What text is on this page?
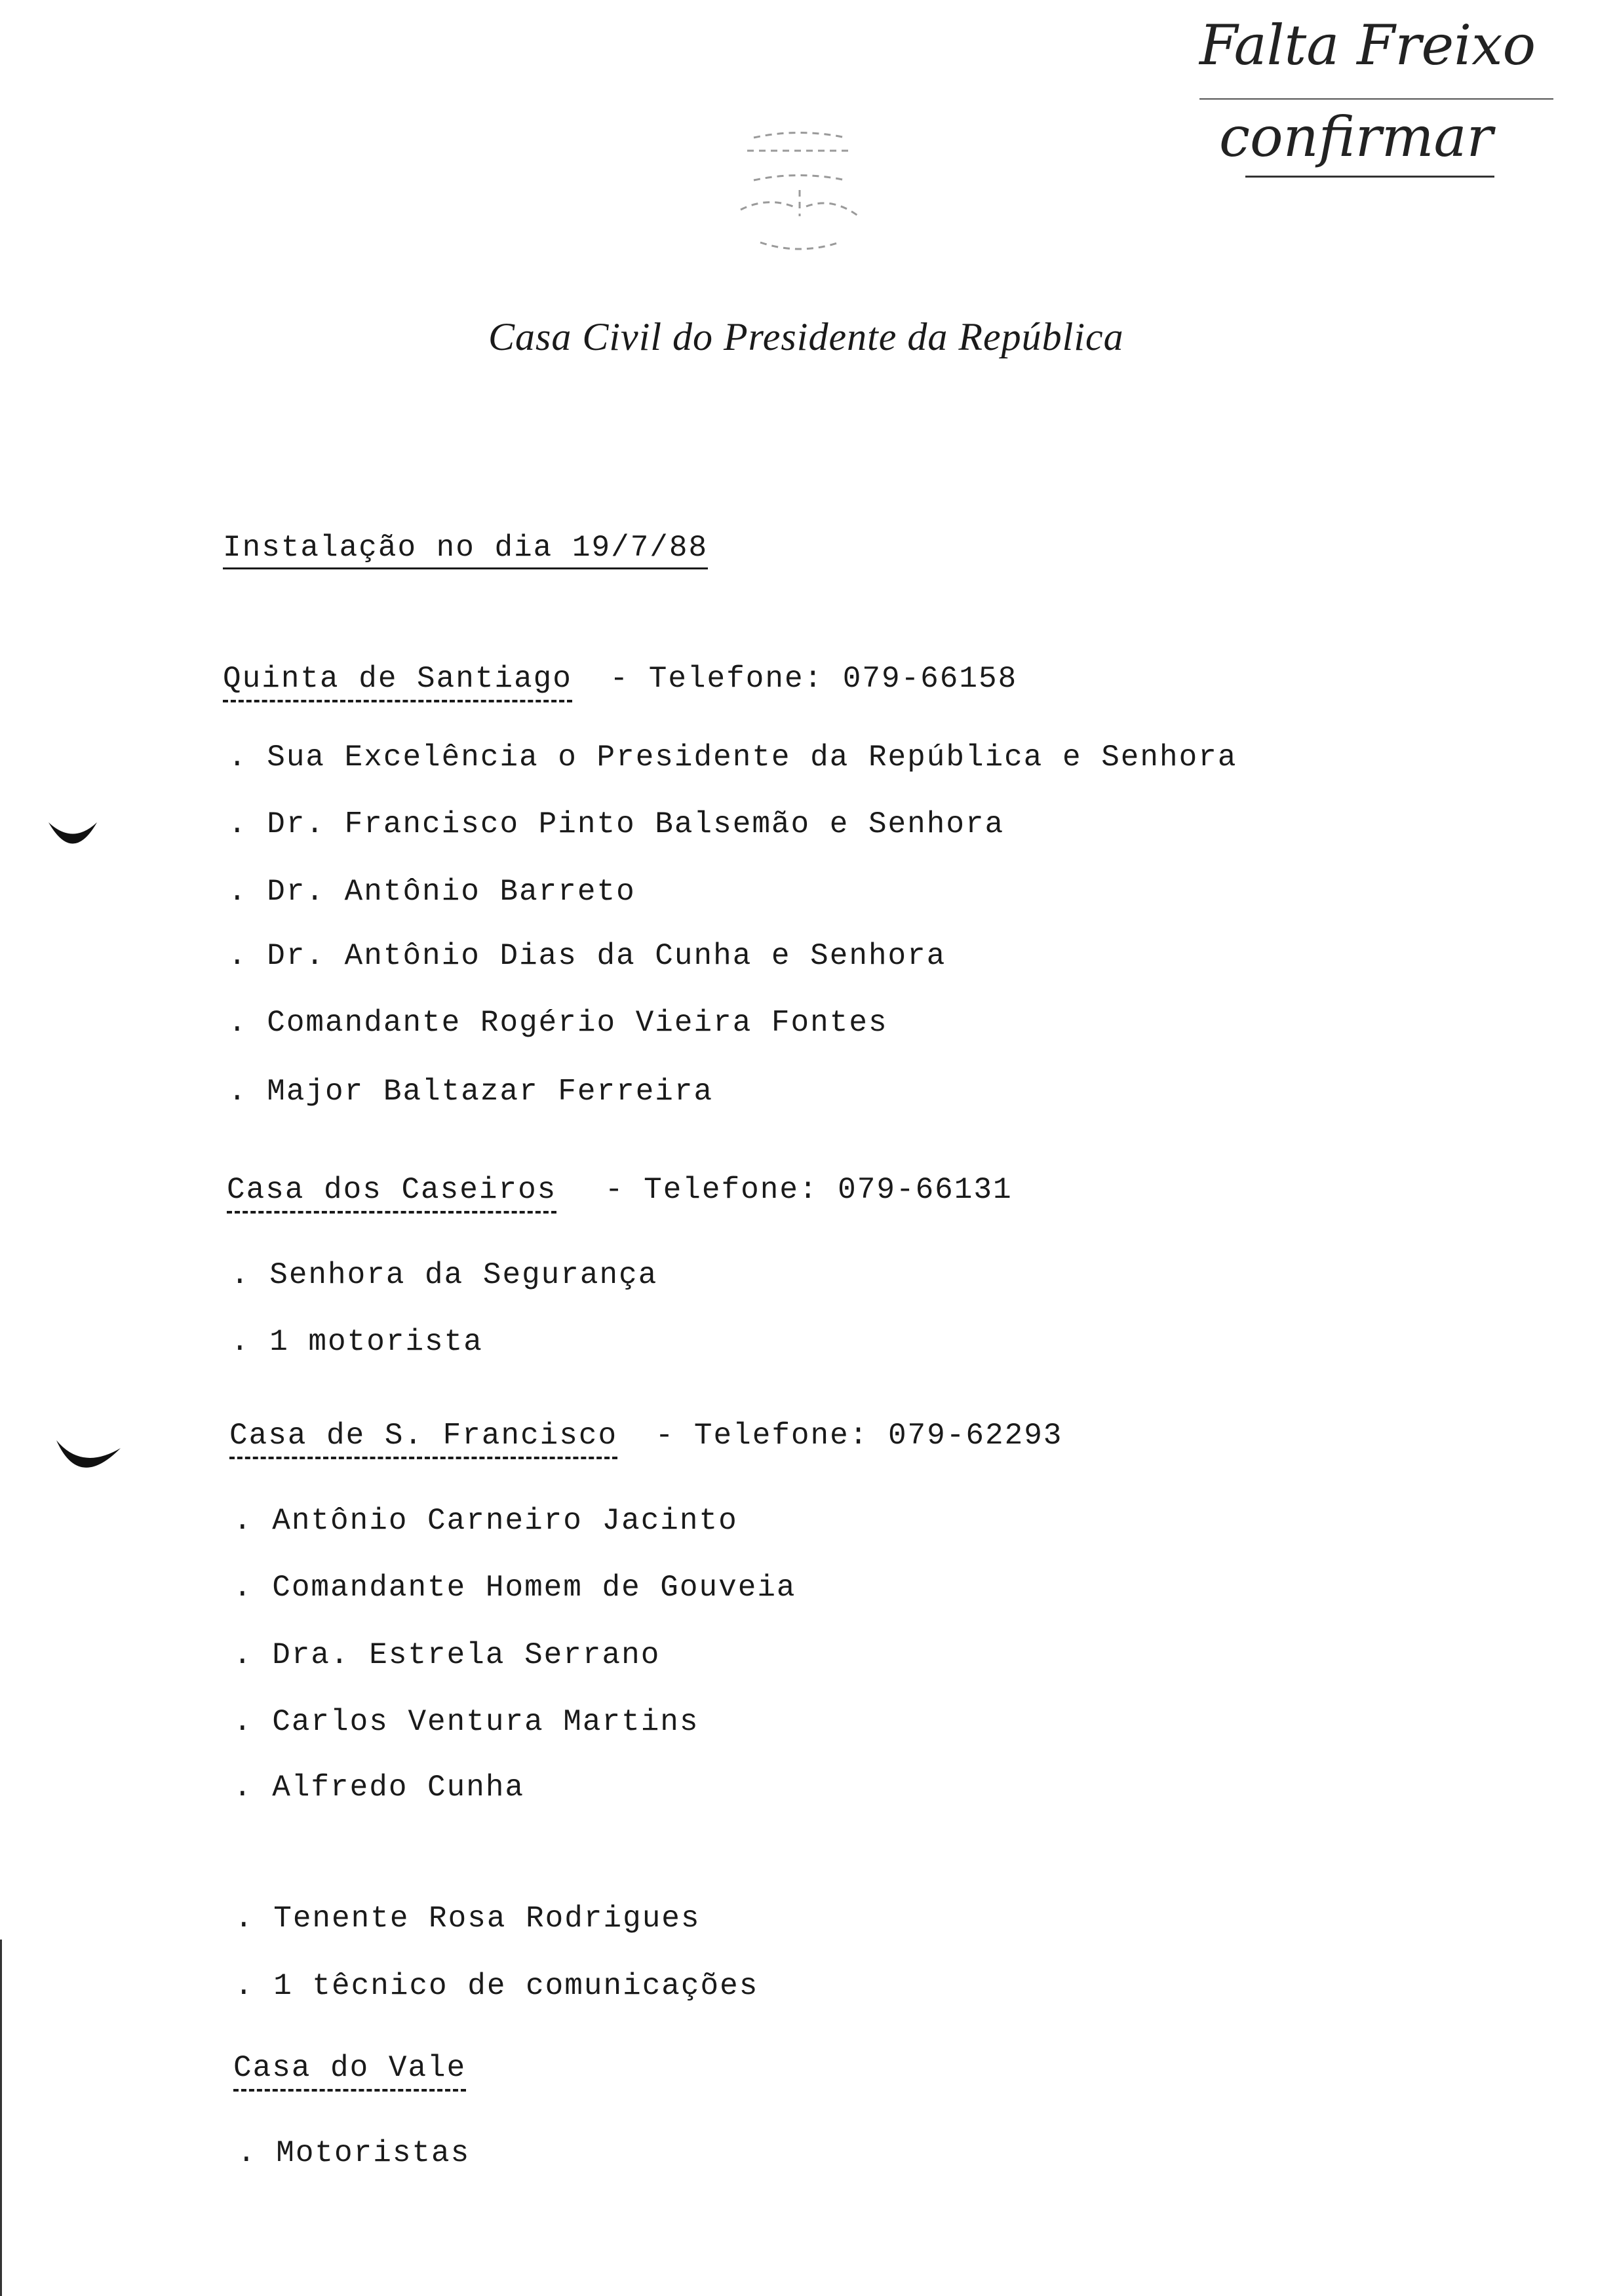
Falta Freixo
confirmar
Casa Civil do Presidente da República
Instalação no dia 19/7/88
Quinta de Santiago - Telefone: 079-66158
. Sua Excelência o Presidente da República e Senhora
. Dr. Francisco Pinto Balsemão e Senhora
. Dr. Antônio Barreto
. Dr. Antônio Dias da Cunha e Senhora
. Comandante Rogério Vieira Fontes
. Major Baltazar Ferreira
Casa dos Caseiros - Telefone: 079-66131
. Senhora da Segurança
. 1 motorista
Casa de S. Francisco - Telefone: 079-62293
. Antônio Carneiro Jacinto
. Comandante Homem de Gouveia
. Dra. Estrela Serrano
. Carlos Ventura Martins
. Alfredo Cunha
. Tenente Rosa Rodrigues
. 1 têcnico de comunicações
Casa do Vale
. Motoristas
